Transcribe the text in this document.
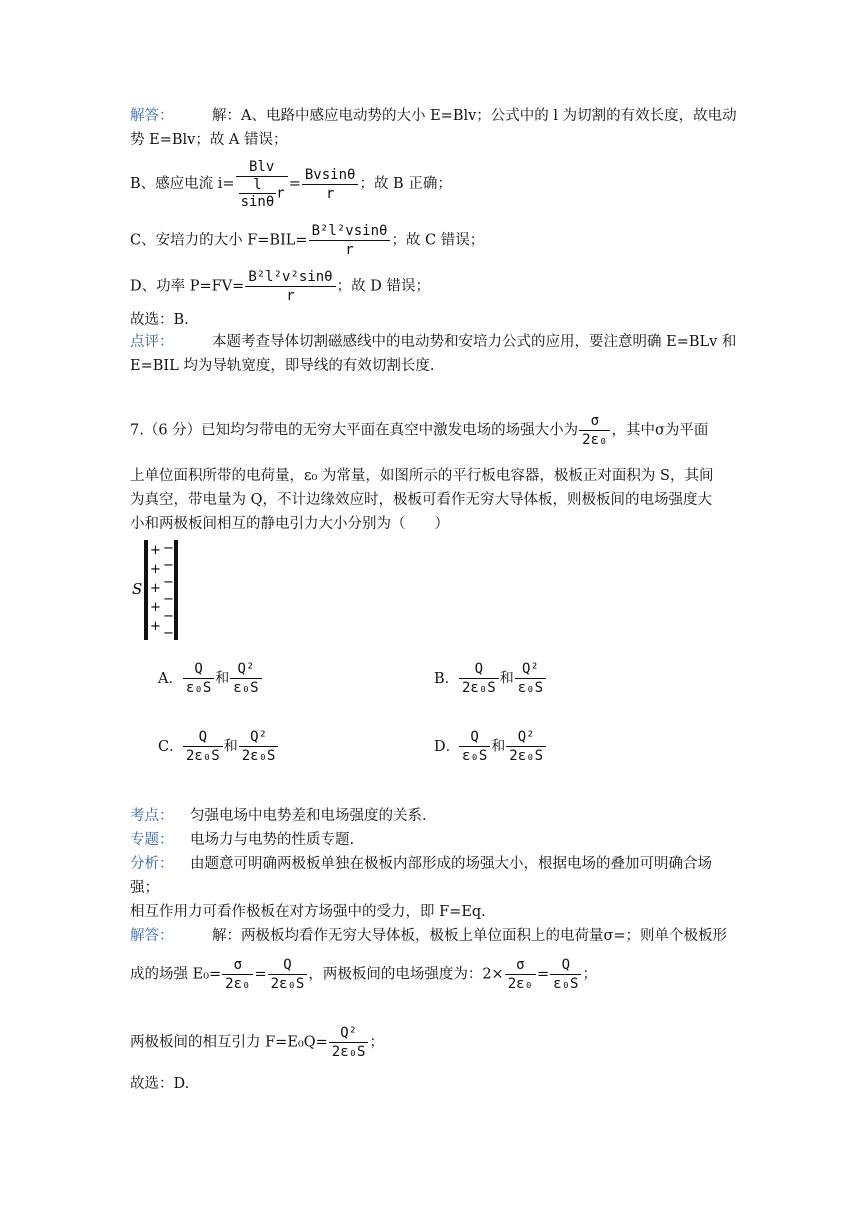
解答：	解：A、电路中感应电动势的大小 E=Blv；公式中的 l 为切割的有效长度，故电动
势 E=Blv；故 A 错误；
B、感应电流 i=
Blv
$\frac{l}{\sin\theta}$ r
= $\frac{Bvsin\theta}{r}$ ；故 B 正确；
C、安培力的大小 $F=BIL= \frac{\text{B²l²vsinθ}}{r}$ ；故 C 错误；
D、功率 $P=FV= \frac{\text{B²l²v²sinθ}}{r}$ ；故 D 错误；
故选：B.
点评：	本题考查导体切割磁感线中的电动势和安培力公式的应用，要注意明确 E=BLv 和
E=BIL 均为导轨宽度，即导线的有效切割长度.
7.（6 分）已知均匀带电的无穷大平面在真空中激发电场的场强大小为 $\frac{\sigma}{\text{2ε₀}}$ ，其中σ为平面
上单位面积所带的电荷量，ε₀ 为常量，如图所示的平行板电容器，极板正对面积为 S，其间
为真空，带电量为 Q，不计边缘效应时，极板可看作无穷大导体板，则极板间的电场强度大
小和两极板间相互的静电引力大小分别为（　　）
S
+
+
+
+
+
−
−
−
−
−
−
A． $\frac{Q}{\text{ε₀S}}$ 和 $\frac{\text{Q²}}{\text{ε₀S}}$	B． $\frac{Q}{\text{2ε₀S}}$ 和 $\frac{\text{Q²}}{\text{ε₀S}}$
C． $\frac{Q}{\text{2ε₀S}}$ 和 $\frac{\text{Q²}}{\text{2ε₀S}}$	D．
$\frac{Q}{\text{ε₀S}}$ 和 $\frac{\text{Q²}}{\text{2ε₀S}}$
考点： 匀强电场中电势差和电场强度的关系.
专题： 电场力与电势的性质专题.
分析： 由题意可明确两极板单独在极板内部形成的场强大小，根据电场的叠加可明确合场
强；
相互作用力可看作极板在对方场强中的受力，即 F=Eq.
解答：	解：两极板均看作无穷大导体板，极板上单位面积上的电荷量σ=；则单个极板形
成的场强 $E_0= \frac{\sigma}{\text{2ε₀}} = \frac{Q}{\text{2ε₀S}}$ ，两极板间的电场强度为：$2\times \frac{\sigma}{\text{2ε₀}} = \frac{Q}{\text{ε₀S}}$ ；
两极板间的相互引力 $F=E_0Q= \frac{\text{Q²}}{\text{2ε₀S}}$ ；
故选：D.
